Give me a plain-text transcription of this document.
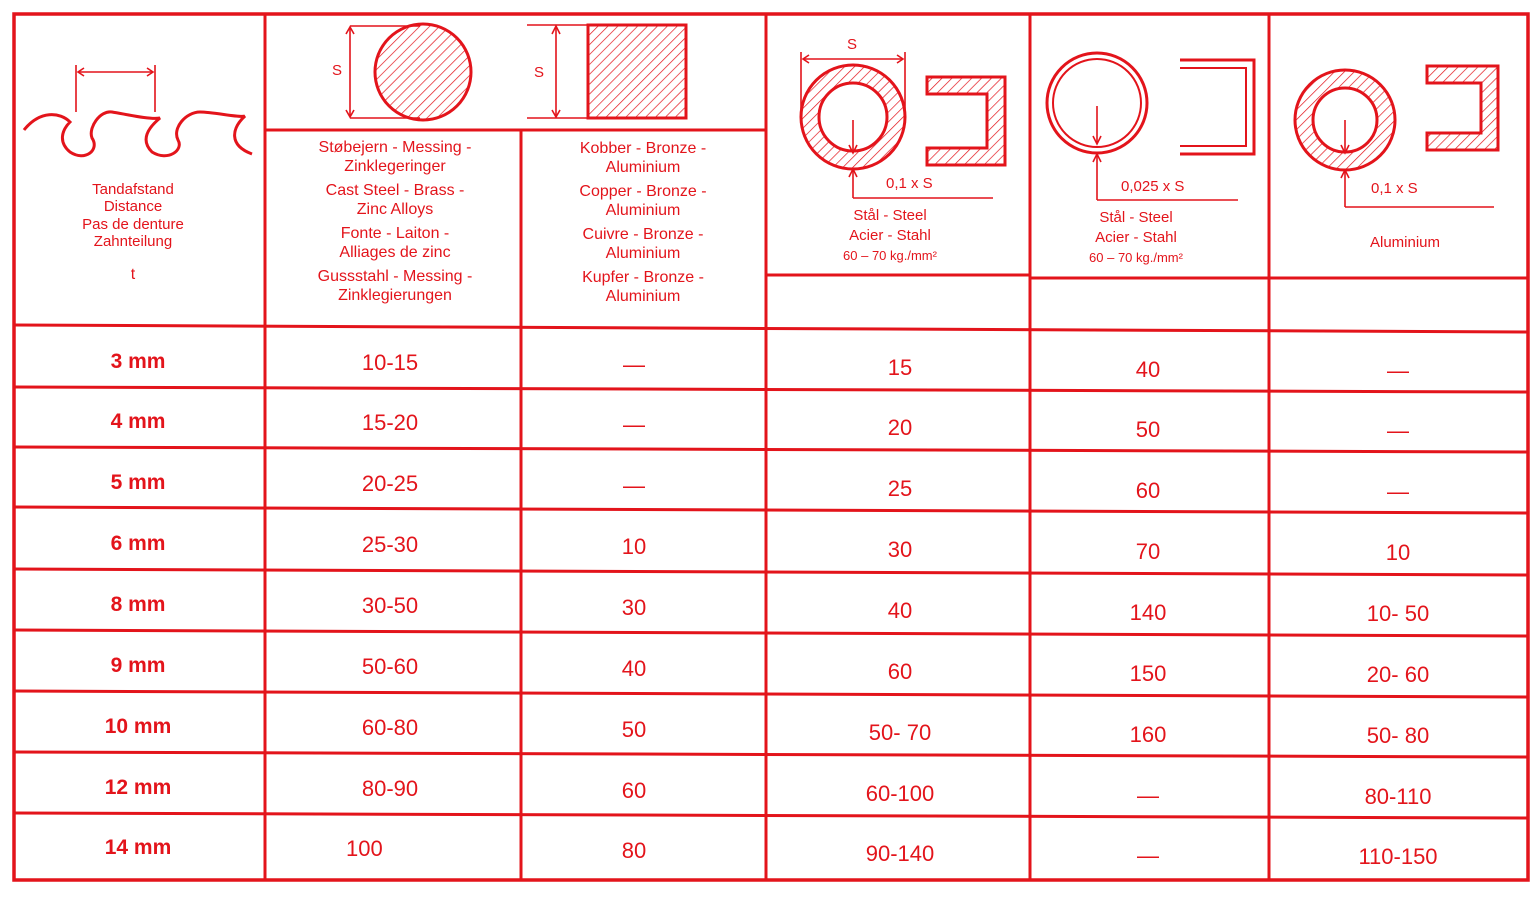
S	S
S
0,1 x S	0,025 x S	0,1 x S
Tandafstand
Distance
Pas de denture
Zahnteilung
t
Støbejern - Messing -
Zinklegeringer
Cast Steel - Brass -
Zinc Alloys
Fonte - Laiton -
Alliages de zinc
Gussstahl - Messing -
Zinklegierungen
Kobber - Bronze -
Aluminium
Copper - Bronze -
Aluminium
Cuivre - Bronze -
Aluminium
Kupfer - Bronze -
Aluminium
Stål - Steel
Acier - Stahl
60 – 70 kg./mm²
Stål - Steel
Acier - Stahl
60 – 70 kg./mm²
Aluminium
3 mm	10-15	—	15	40	—
4 mm	15-20	—	20	50	—
5 mm	20-25	—	25	60	—
6 mm	25-30	10	30	70	10
8 mm	30-50	30	40	140	10- 50
9 mm	50-60	40	60	150	20- 60
10 mm	60-80	50	50- 70	160	50- 80
12 mm	80-90	60	60-100	—	80-110
14 mm	100	80	90-140	—	110-150
